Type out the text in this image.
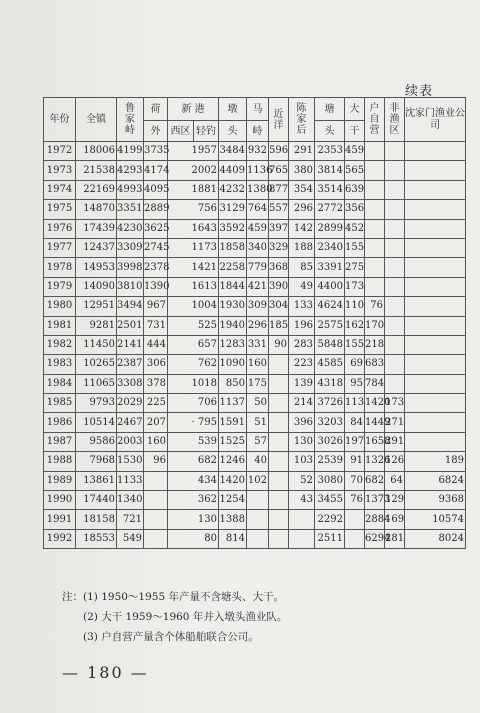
续表
年份	全镇	鲁家峙	荷	新 港		墩	马	近洋	陈家后	塘	大	户自营	非渔区	沈家门渔业公司
			外	西区	轻钓	头	峙			头	干			
1972	18006	4199	3735	1957		3484	932	596	291	2353	459			
1973	21538	4293	4174	2002		4409	1136	765	380	3814	565			
1974	22169	4993	4095	1881		4232	1380	877	354	3514	639			
1975	14870	3351	2889	756		3129	764	557	296	2772	356			
1976	17439	4230	3625	1643		3592	459	397	142	2899	452			
1977	12437	3309	2745	1173		1858	340	329	188	2340	155			
1978	14953	3998	2378	1421		2258	779	368	85	3391	275			
1979	14090	3810	1390	1613		1844	421	390	49	4400	173			
1980	12951	3494	967	1004		1930	309	304	133	4624	110	76		
1981	9281	2501	731	525		1940	296	185	196	2575	162	170		
1982	11450	2141	444	657		1283	331	90	283	5848	155	218		
1983	10265	2387	306	762		1090	160		223	4585	69	683		
1984	11065	3308	378	1018		850	175		139	4318	95	784		
1985	9793	2029	225	706		1137	50		214	3726	113	1420	173	
1986	10514	2467	207	· 795		1591	51		396	3203	84	1449	271	
1987	9586	2003	160	539		1525	57		130	3026	197	1658	291	
1988	7968	1530	96	682		1246	40		103	2539	91	1326	126	189
1989	13861	1133		434		1420	102		52	3080	70	682	64	6824
1990	17440	1340		362		1254			43	3455	76	1373	129	9368
1991	18158	721		130		1388				2292		2884	169	10574
1992	18553	549		80		814				2511		6294	281	8024
注：(1) 1950～1955 年产量不含塘头、大干。
(2) 大干 1959～1960 年并入墩头渔业队。
(3) 户自营产量含个体船舶联合公司。
— 180 —
